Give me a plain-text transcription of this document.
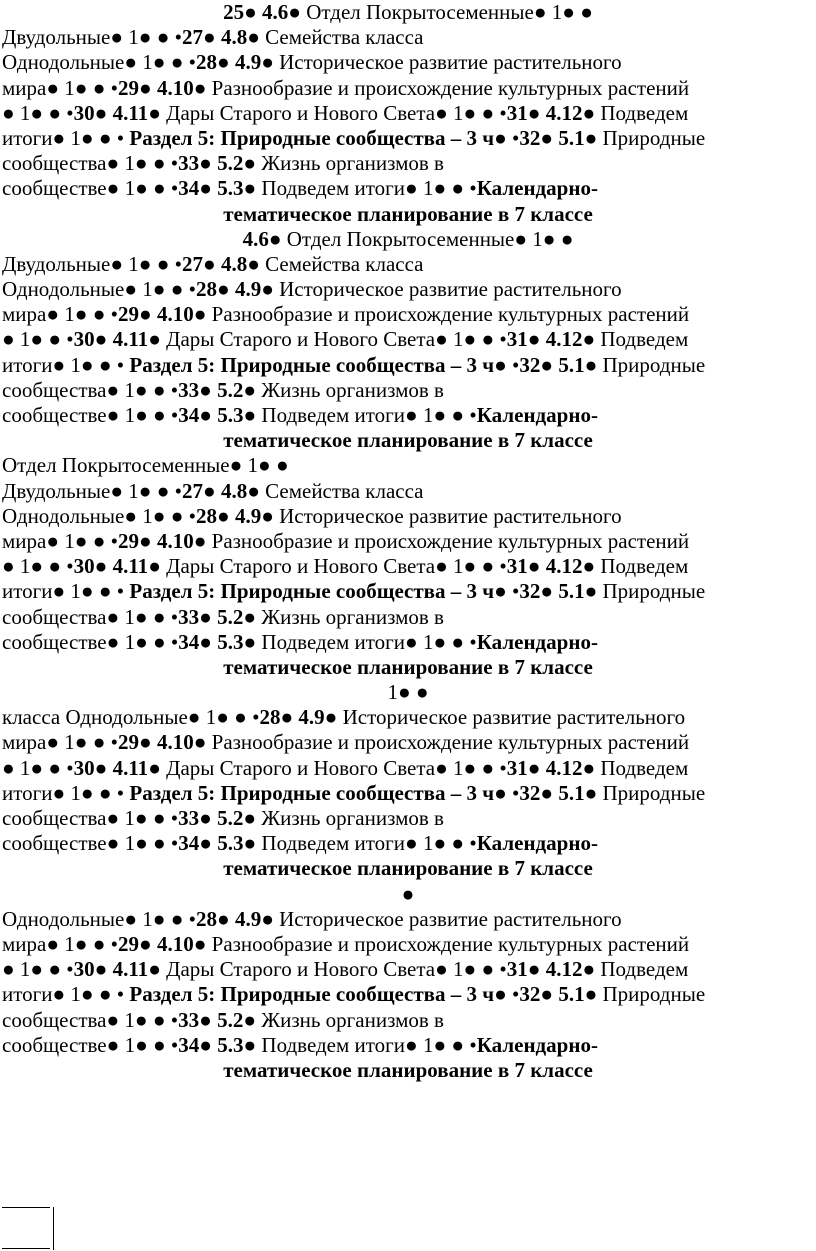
25● 4.6● Отдел Покрытосеменные● 1● ●
Двудольные● 1● ● •27● 4.8● Семейства класса
Однодольные● 1● ● •28● 4.9● Историческое развитие растительного
мира● 1● ● •29● 4.10● Разнообразие и происхождение культурных растений
● 1● ● •30● 4.11● Дары Старого и Нового Света● 1● ● •31● 4.12● Подведем
итоги● 1● ● • Раздел 5: Природные сообщества – 3 ч● •32● 5.1● Природные
сообщества● 1● ● •33● 5.2● Жизнь организмов в
сообществе● 1● ● •34● 5.3● Подведем итоги● 1● ● •Календарно-
тематическое планирование в 7 классе
4.6● Отдел Покрытосеменные● 1● ●
Двудольные● 1● ● •27● 4.8● Семейства класса
Однодольные● 1● ● •28● 4.9● Историческое развитие растительного
мира● 1● ● •29● 4.10● Разнообразие и происхождение культурных растений
● 1● ● •30● 4.11● Дары Старого и Нового Света● 1● ● •31● 4.12● Подведем
итоги● 1● ● • Раздел 5: Природные сообщества – 3 ч● •32● 5.1● Природные
сообщества● 1● ● •33● 5.2● Жизнь организмов в
сообществе● 1● ● •34● 5.3● Подведем итоги● 1● ● •Календарно-
тематическое планирование в 7 классе
Отдел Покрытосеменные● 1● ●
Двудольные● 1● ● •27● 4.8● Семейства класса
Однодольные● 1● ● •28● 4.9● Историческое развитие растительного
мира● 1● ● •29● 4.10● Разнообразие и происхождение культурных растений
● 1● ● •30● 4.11● Дары Старого и Нового Света● 1● ● •31● 4.12● Подведем
итоги● 1● ● • Раздел 5: Природные сообщества – 3 ч● •32● 5.1● Природные
сообщества● 1● ● •33● 5.2● Жизнь организмов в
сообществе● 1● ● •34● 5.3● Подведем итоги● 1● ● •Календарно-
тематическое планирование в 7 классе
1● ●
класса Однодольные● 1● ● •28● 4.9● Историческое развитие растительного
мира● 1● ● •29● 4.10● Разнообразие и происхождение культурных растений
● 1● ● •30● 4.11● Дары Старого и Нового Света● 1● ● •31● 4.12● Подведем
итоги● 1● ● • Раздел 5: Природные сообщества – 3 ч● •32● 5.1● Природные
сообщества● 1● ● •33● 5.2● Жизнь организмов в
сообществе● 1● ● •34● 5.3● Подведем итоги● 1● ● •Календарно-
тематическое планирование в 7 классе
●
Однодольные● 1● ● •28● 4.9● Историческое развитие растительного
мира● 1● ● •29● 4.10● Разнообразие и происхождение культурных растений
● 1● ● •30● 4.11● Дары Старого и Нового Света● 1● ● •31● 4.12● Подведем
итоги● 1● ● • Раздел 5: Природные сообщества – 3 ч● •32● 5.1● Природные
сообщества● 1● ● •33● 5.2● Жизнь организмов в
сообществе● 1● ● •34● 5.3● Подведем итоги● 1● ● •Календарно-
тематическое планирование в 7 классе
